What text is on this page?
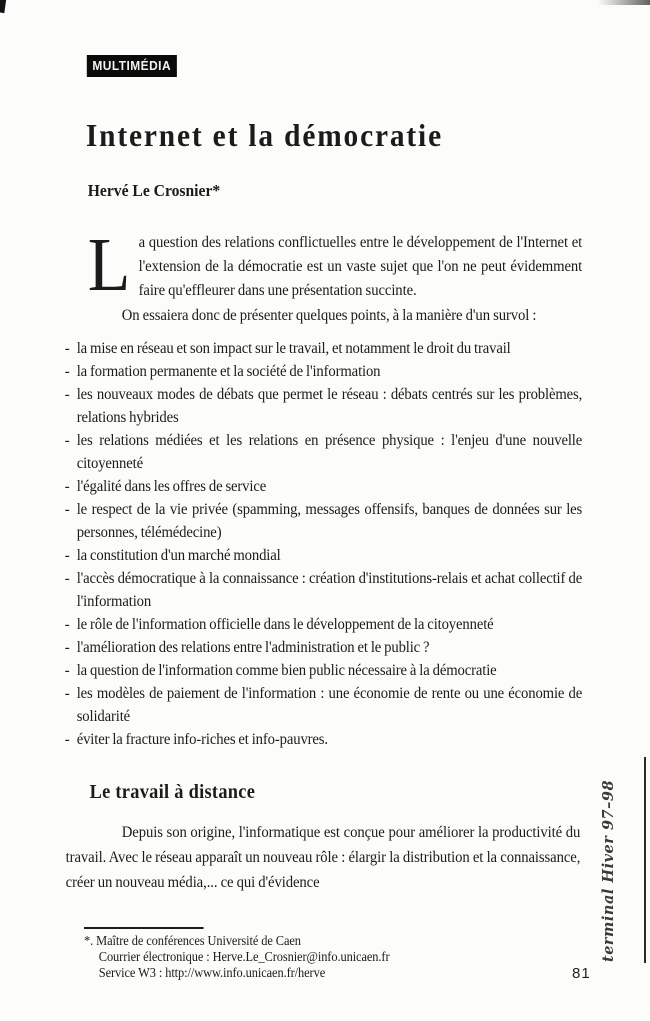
MULTIMÉDIA
Internet et la démocratie
Hervé Le Crosnier*

La question des relations conflictuelles entre le développement de l'Internet et l'extension de la démocratie est un vaste sujet que l'on ne peut évidemment faire qu'effleurer dans une présentation succinte.

On essaiera donc de présenter quelques points, à la manière d'un survol :

- la mise en réseau et son impact sur le travail, et notamment le droit du travail
- la formation permanente et la société de l'information
- les nouveaux modes de débats que permet le réseau : débats centrés sur les problèmes, relations hybrides
- les relations médiées et les relations en présence physique : l'enjeu d'une nouvelle citoyenneté
- l'égalité dans les offres de service
- le respect de la vie privée (spamming, messages offensifs, banques de données sur les personnes, télémédecine)
- la constitution d'un marché mondial
- l'accès démocratique à la connaissance : création d'institutions-relais et achat collectif de l'information
- le rôle de l'information officielle dans le développement de la citoyenneté
- l'amélioration des relations entre l'administration et le public ?
- la question de l'information comme bien public nécessaire à la démocratie
- les modèles de paiement de l'information : une économie de rente ou une économie de solidarité
- éviter la fracture info-riches et info-pauvres.
Le travail à distance

Depuis son origine, l'informatique est conçue pour améliorer la productivité du travail. Avec le réseau apparaît un nouveau rôle : élargir la distribution et la connaissance, créer un nouveau média,... ce qui d'évidence

*. Maître de conférences Université de Caen
Courrier électronique : Herve.Le_Crosnier@info.unicaen.fr
Service W3 : http://www.info.unicaen.fr/herve
terminal Hiver 97–98
81
